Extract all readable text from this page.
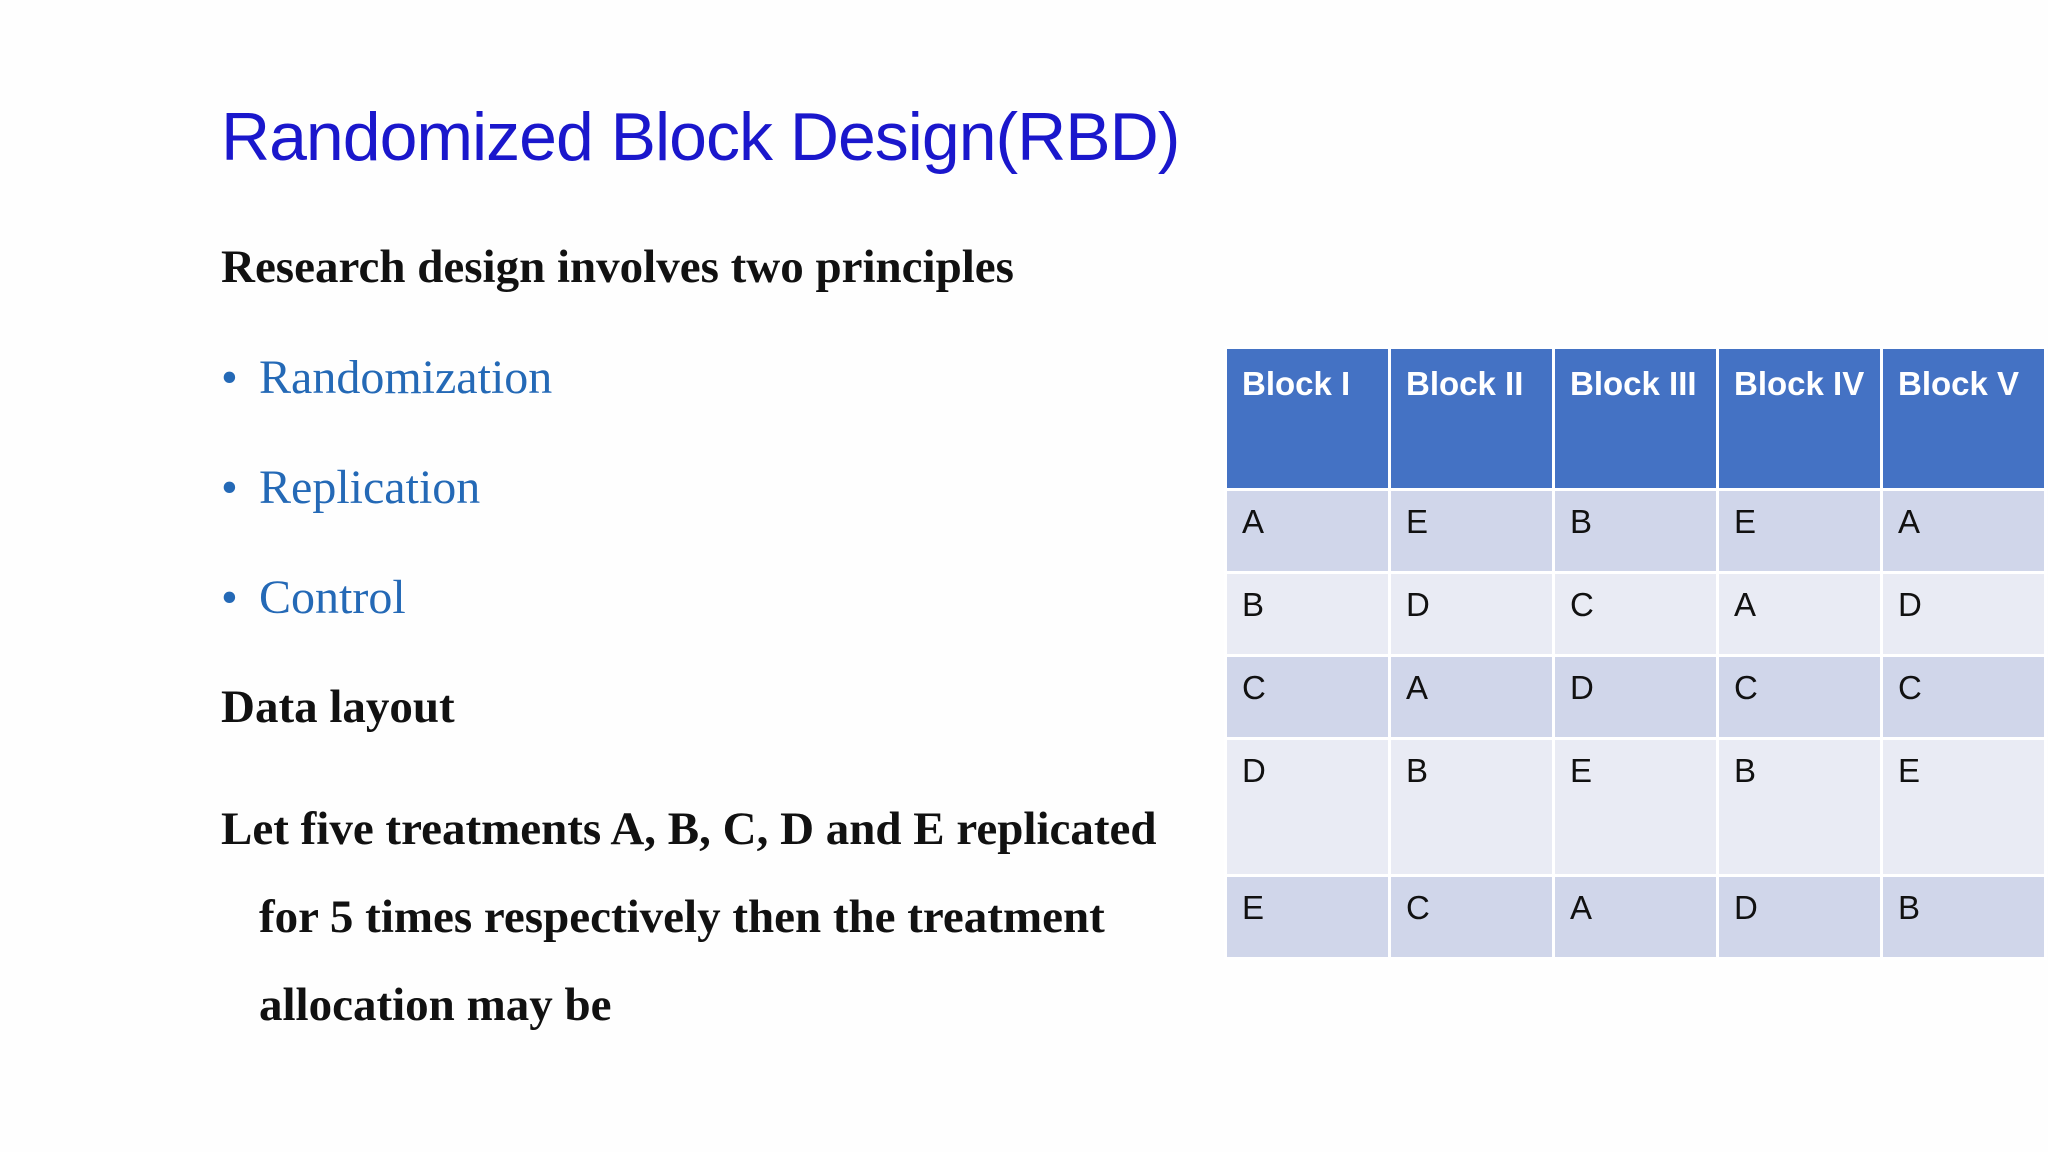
Randomized Block Design(RBD)
Research design involves two principles
• Randomization
• Replication
• Control
Data layout
Let five treatments A, B, C, D and E replicated
for 5 times respectively then the treatment
allocation may be
Block I	Block II	Block III	Block IV	Block V
A	E	B	E	A
B	D	C	A	D
C	A	D	C	C
D	B	E	B	E
E	C	A	D	B
